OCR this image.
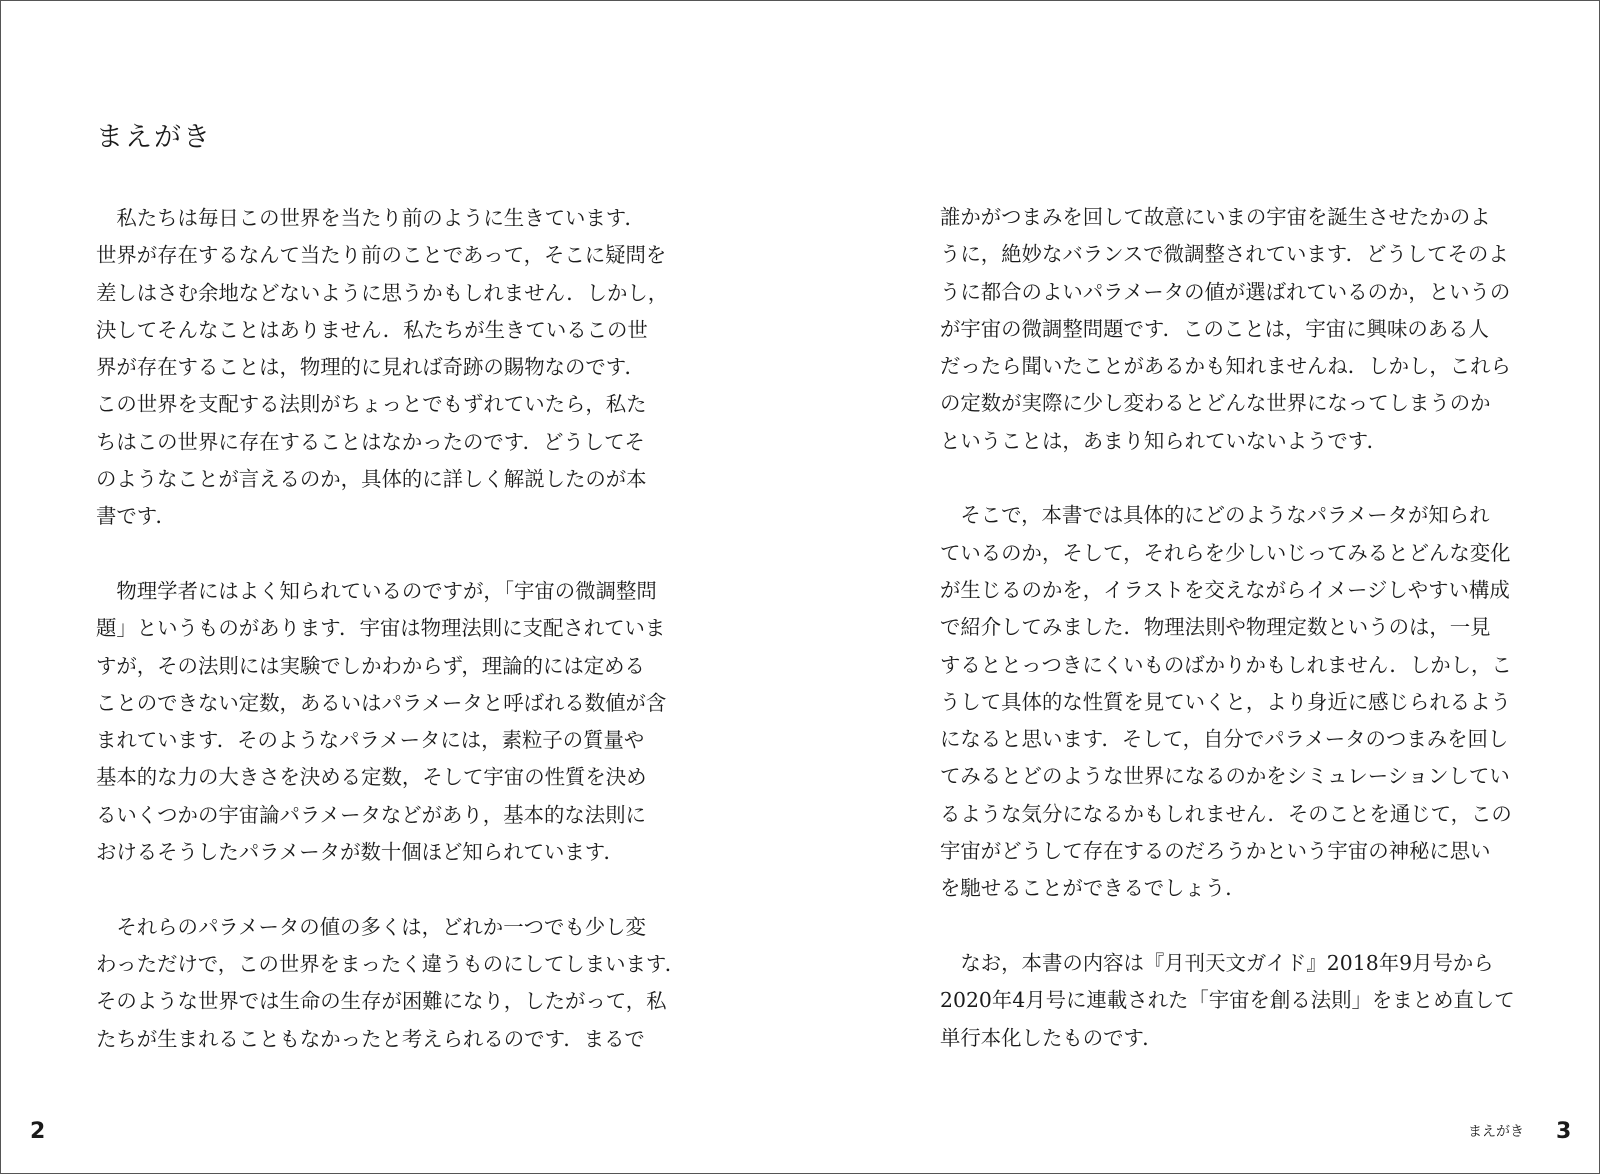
まえがき

　私たちは毎日この世界を当たり前のように生きています．
世界が存在するなんて当たり前のことであって，そこに疑問を
差しはさむ余地などないように思うかもしれません．しかし，
決してそんなことはありません．私たちが生きているこの世
界が存在することは，物理的に見れば奇跡の賜物なのです．
この世界を支配する法則がちょっとでもずれていたら，私た
ちはこの世界に存在することはなかったのです．どうしてそ
のようなことが言えるのか，具体的に詳しく解説したのが本
書です．

　物理学者にはよく知られているのですが，「宇宙の微調整問
題」というものがあります．宇宙は物理法則に支配されていま
すが，その法則には実験でしかわからず，理論的には定める
ことのできない定数，あるいはパラメータと呼ばれる数値が含
まれています．そのようなパラメータには，素粒子の質量や
基本的な力の大きさを決める定数，そして宇宙の性質を決め
るいくつかの宇宙論パラメータなどがあり，基本的な法則に
おけるそうしたパラメータが数十個ほど知られています．

　それらのパラメータの値の多くは，どれか一つでも少し変
わっただけで，この世界をまったく違うものにしてしまいます．
そのような世界では生命の生存が困難になり，したがって，私
たちが生まれることもなかったと考えられるのです．まるで

誰かがつまみを回して故意にいまの宇宙を誕生させたかのよ
うに，絶妙なバランスで微調整されています．どうしてそのよ
うに都合のよいパラメータの値が選ばれているのか，というの
が宇宙の微調整問題です．このことは，宇宙に興味のある人
だったら聞いたことがあるかも知れませんね．しかし，これら
の定数が実際に少し変わるとどんな世界になってしまうのか
ということは，あまり知られていないようです．

　そこで，本書では具体的にどのようなパラメータが知られ
ているのか，そして，それらを少しいじってみるとどんな変化
が生じるのかを，イラストを交えながらイメージしやすい構成
で紹介してみました．物理法則や物理定数というのは，一見
するととっつきにくいものばかりかもしれません．しかし，こ
うして具体的な性質を見ていくと，より身近に感じられるよう
になると思います．そして，自分でパラメータのつまみを回し
てみるとどのような世界になるのかをシミュレーションしてい
るような気分になるかもしれません．そのことを通じて，この
宇宙がどうして存在するのだろうかという宇宙の神秘に思い
を馳せることができるでしょう．

　なお，本書の内容は『月刊天文ガイド』2018年9月号から
2020年4月号に連載された「宇宙を創る法則」をまとめ直して
単行本化したものです．

2	まえがき 3
